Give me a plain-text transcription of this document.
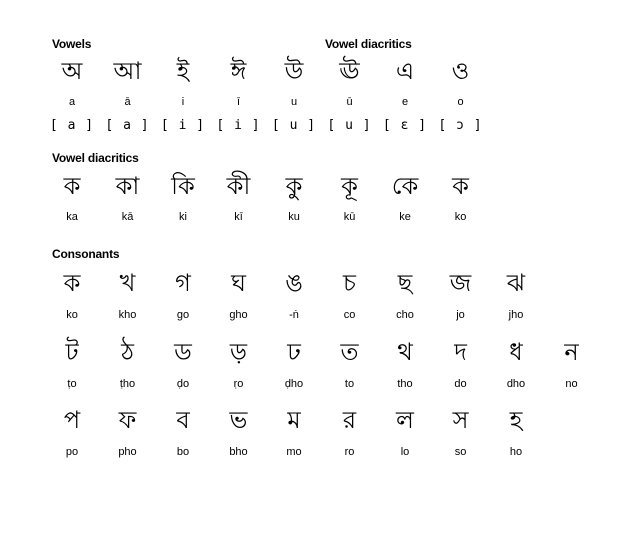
Vowels	Vowel diacritics
Vowel diacritics
Consonants
অ
a
[ a ]
আ
ā
[ a ]
ই
i
[ i ]
ঈ
ī
[ i ]
উ
u
[ u ]
ঊ
ū
[ u ]
এ
e
[ ɛ ]
ও
o
[ ɔ ]
ক
ka
কা
kā
কি
ki
কী
kī
কু
ku
কূ
kū
কে
ke
ক
ko
ক
ko
খ
kho
গ
go
ঘ
gho
ঙ
-ṅ
চ
co
ছ
cho
জ
jo
ঝ
jho
ট
ṭo
ঠ
ṭho
ড
ḍo
ড়
ṛo
ঢ
ḍho
ত
to
থ
tho
দ
do
ধ
dho
ন
no
প
po
ফ
pho
ব
bo
ভ
bho
ম
mo
র
ro
ল
lo
স
so
হ
ho
